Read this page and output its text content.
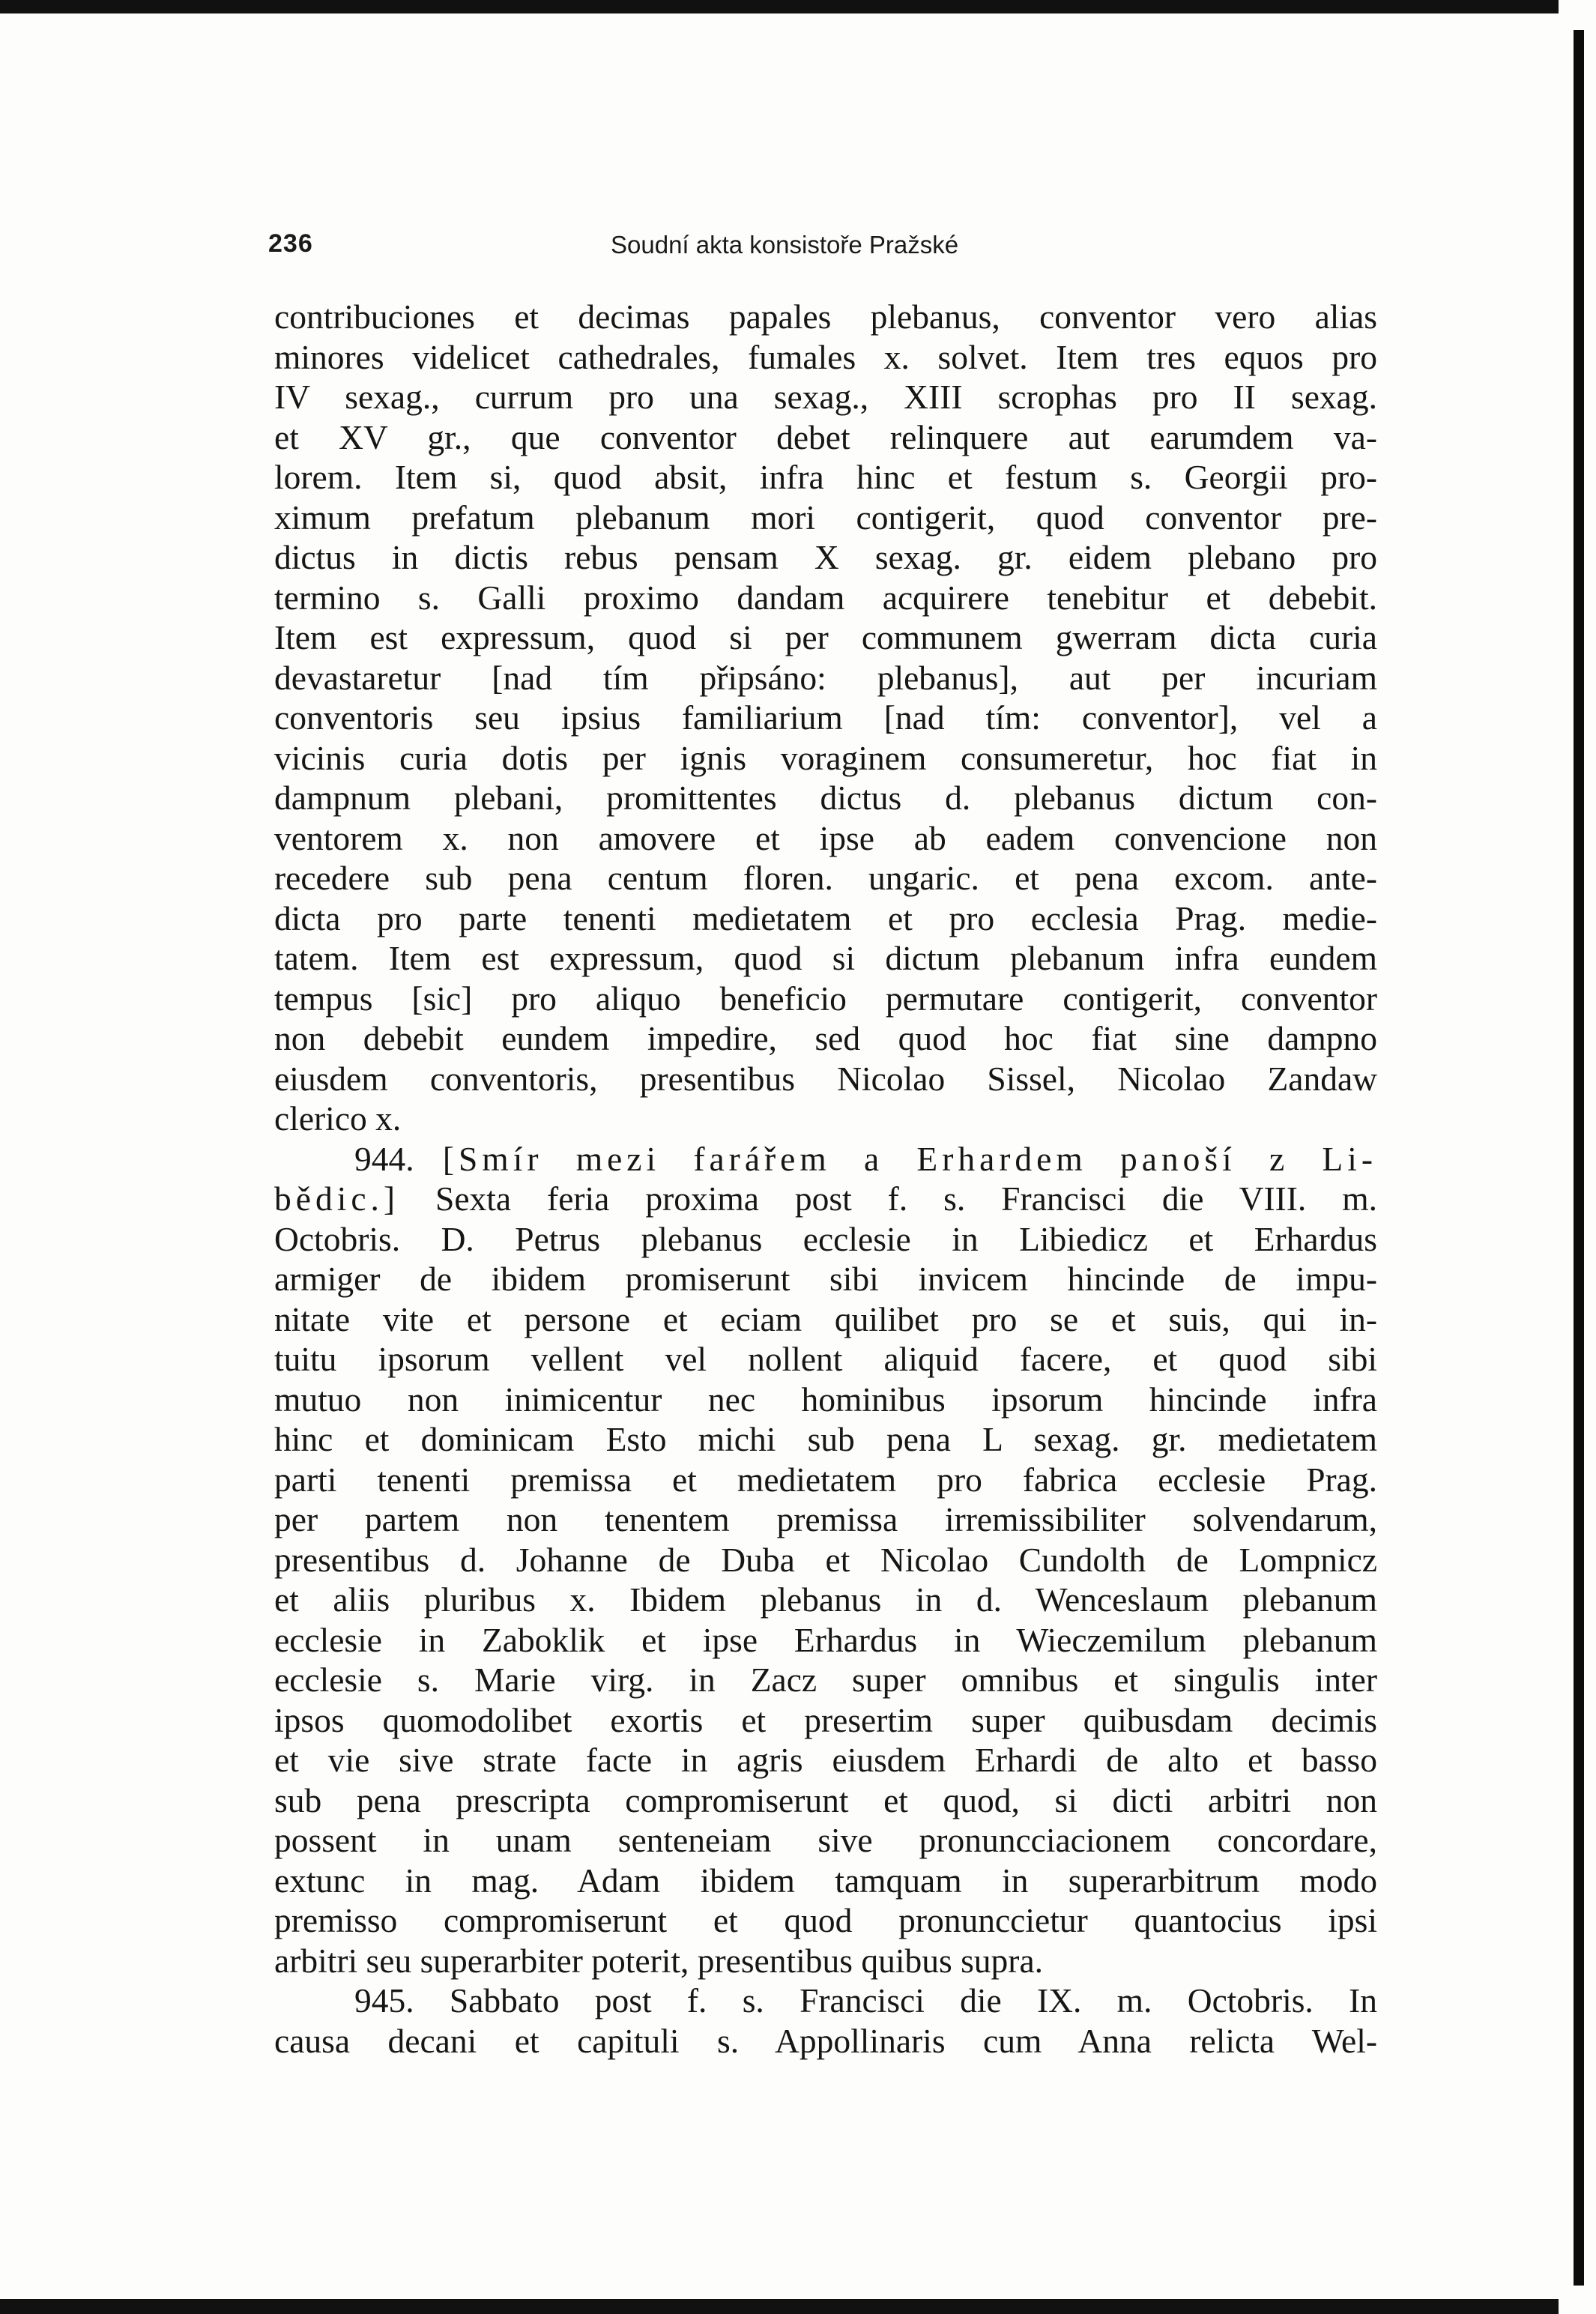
236	Soudní akta konsistoře Pražské
contribuciones et decimas papales plebanus, conventor vero alias
minores videlicet cathedrales, fumales x. solvet. Item tres equos pro
IV sexag., currum pro una sexag., XIII scrophas pro II sexag.
et XV gr., que conventor debet relinquere aut earumdem va-
lorem. Item si, quod absit, infra hinc et festum s. Georgii pro-
ximum prefatum plebanum mori contigerit, quod conventor pre-
dictus in dictis rebus pensam X sexag. gr. eidem plebano pro
termino s. Galli proximo dandam acquirere tenebitur et debebit.
Item est expressum, quod si per communem gwerram dicta curia
devastaretur [nad tím připsáno: plebanus], aut per incuriam
conventoris seu ipsius familiarium [nad tím: conventor], vel a
vicinis curia dotis per ignis voraginem consumeretur, hoc fiat in
dampnum plebani, promittentes dictus d. plebanus dictum con-
ventorem x. non amovere et ipse ab eadem convencione non
recedere sub pena centum floren. ungaric. et pena excom. ante-
dicta pro parte tenenti medietatem et pro ecclesia Prag. medie-
tatem. Item est expressum, quod si dictum plebanum infra eundem
tempus [sic] pro aliquo beneficio permutare contigerit, conventor
non debebit eundem impedire, sed quod hoc fiat sine dampno
eiusdem conventoris, presentibus Nicolao Sissel, Nicolao Zandaw
clerico x.
944. [Smír mezi farářem a Erhardem panoší z Li-
bědic.] Sexta feria proxima post f. s. Francisci die VIII. m.
Octobris. D. Petrus plebanus ecclesie in Libiedicz et Erhardus
armiger de ibidem promiserunt sibi invicem hincinde de impu-
nitate vite et persone et eciam quilibet pro se et suis, qui in-
tuitu ipsorum vellent vel nollent aliquid facere, et quod sibi
mutuo non inimicentur nec hominibus ipsorum hincinde infra
hinc et dominicam Esto michi sub pena L sexag. gr. medietatem
parti tenenti premissa et medietatem pro fabrica ecclesie Prag.
per partem non tenentem premissa irremissibiliter solvendarum,
presentibus d. Johanne de Duba et Nicolao Cundolth de Lompnicz
et aliis pluribus x. Ibidem plebanus in d. Wenceslaum plebanum
ecclesie in Zaboklik et ipse Erhardus in Wieczemilum plebanum
ecclesie s. Marie virg. in Zacz super omnibus et singulis inter
ipsos quomodolibet exortis et presertim super quibusdam decimis
et vie sive strate facte in agris eiusdem Erhardi de alto et basso
sub pena prescripta compromiserunt et quod, si dicti arbitri non
possent in unam senteneiam sive pronuncciacionem concordare,
extunc in mag. Adam ibidem tamquam in superarbitrum modo
premisso compromiserunt et quod pronunccietur quantocius ipsi
arbitri seu superarbiter poterit, presentibus quibus supra.
945. Sabbato post f. s. Francisci die IX. m. Octobris. In
causa decani et capituli s. Appollinaris cum Anna relicta Wel-
